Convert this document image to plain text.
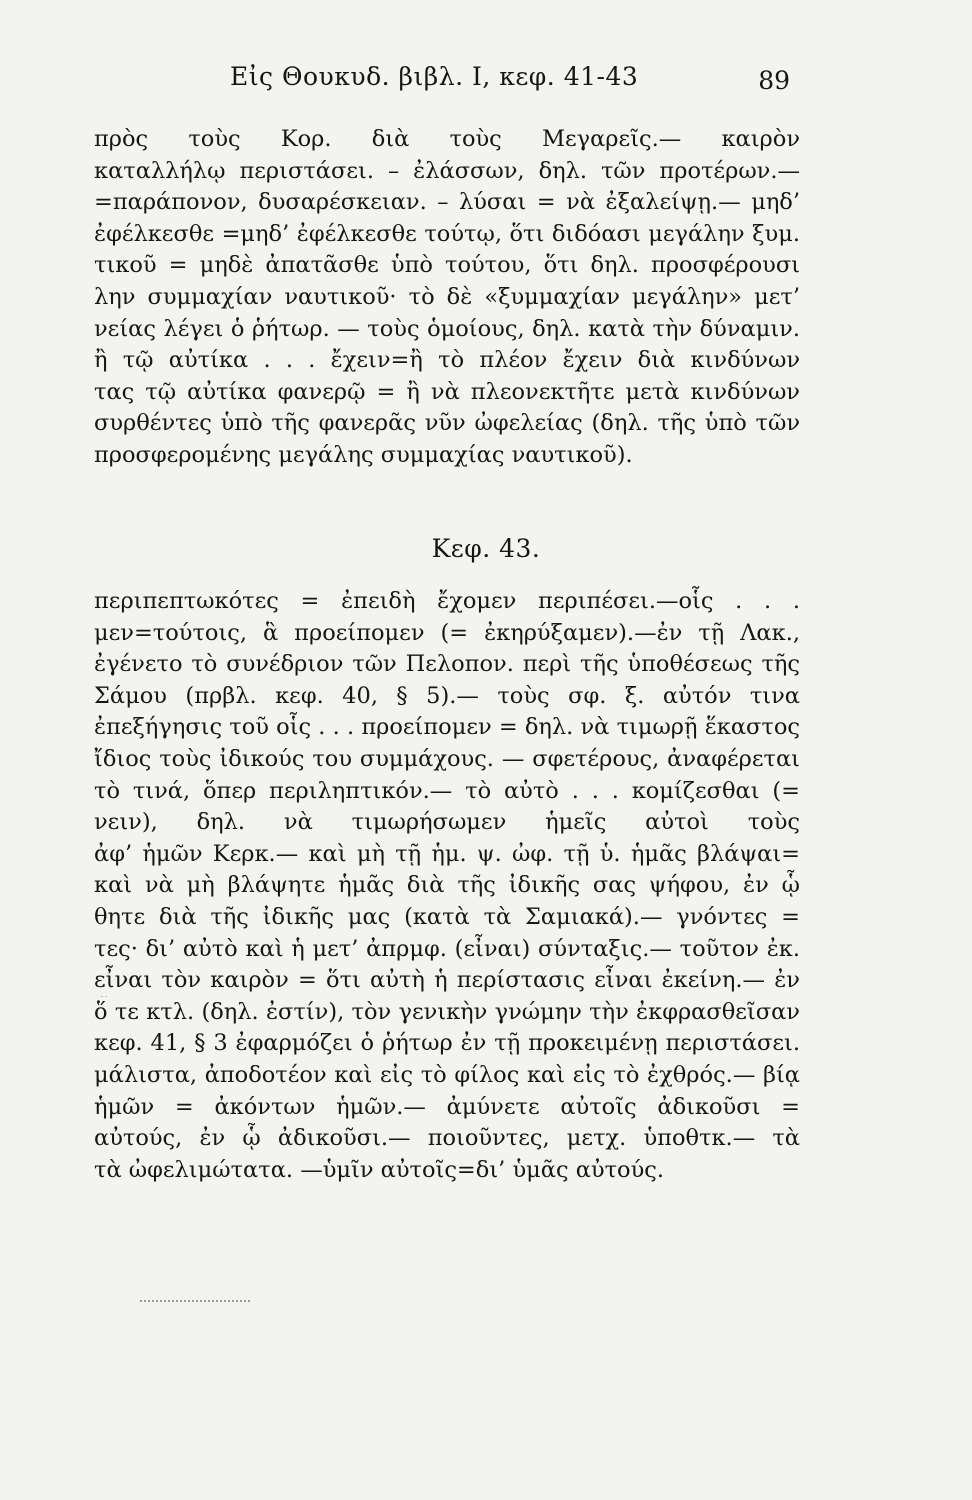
Εἰς Θουκυδ. βιβλ. I, κεφ. 41-43	89
πρὸς τοὺς Κορ. διὰ τοὺς Μεγαρεῖς.— καιρὸν
καταλλήλῳ περιστάσει. – ἐλάσσων, δηλ. τῶν προτέρων.—
=παράπονον, δυσαρέσκειαν. – λύσαι = νὰ ἐξαλείψῃ.— μηδ’
ἐφέλκεσθε =μηδ’ ἐφέλκεσθε τούτῳ, ὅτι διδόασι μεγάλην ξυμ.
τικοῦ = μηδὲ ἀπατᾶσθε ὑπὸ τούτου, ὅτι δηλ. προσφέρουσι
λην συμμαχίαν ναυτικοῦ· τὸ δὲ «ξυμμαχίαν μεγάλην» μετ’
νείας λέγει ὁ ῥήτωρ. — τοὺς ὁμοίους, δηλ. κατὰ τὴν δύναμιν.
ἢ τῷ αὐτίκα . . . ἔχειν=ἢ τὸ πλέον ἔχειν διὰ κινδύνων
τας τῷ αὐτίκα φανερῷ = ἢ νὰ πλεονεκτῆτε μετὰ κινδύνων
συρθέντες ὑπὸ τῆς φανερᾶς νῦν ὠφελείας (δηλ. τῆς ὑπὸ τῶν
προσφερομένης μεγάλης συμμαχίας ναυτικοῦ).
Κεφ. 43.
περιπεπτωκότες = ἐπειδὴ ἔχομεν περιπέσει.—οἷς . . .
μεν=τούτοις, ἃ προείπομεν (= ἐκηρύξαμεν).—ἐν τῇ Λακ.,
ἐγένετο τὸ συνέδριον τῶν Πελοπον. περὶ τῆς ὑποθέσεως τῆς
Σάμου (πρβλ. κεφ. 40, § 5).— τοὺς σφ. ξ. αὐτόν τινα
ἐπεξήγησις τοῦ οἷς . . . προείπομεν = δηλ. νὰ τιμωρῇ ἕκαστος
ἴδιος τοὺς ἰδικούς του συμμάχους. — σφετέρους, ἀναφέρεται
τὸ τινά, ὅπερ περιληπτικόν.— τὸ αὐτὸ . . . κομίζεσθαι (=
νειν), δηλ. νὰ τιμωρήσωμεν ἡμεῖς αὐτοὶ τοὺς
ἀφ’ ἡμῶν Κερκ.— καὶ μὴ τῇ ἡμ. ψ. ὠφ. τῇ ὑ. ἡμᾶς βλάψαι=
καὶ νὰ μὴ βλάψητε ἡμᾶς διὰ τῆς ἰδικῆς σας ψήφου, ἐν ᾧ
θητε διὰ τῆς ἰδικῆς μας (κατὰ τὰ Σαμιακά).— γνόντες =
τες· δι’ αὐτὸ καὶ ἡ μετ’ ἀπρμφ. (εἶναι) σύνταξις.— τοῦτον ἐκ.
εἶναι τὸν καιρὸν = ὅτι αὐτὴ ἡ περίστασις εἶναι ἐκείνη.— ἐν
ὅ τε κτλ. (δηλ. ἐστίν), τὸν γενικὴν γνώμην τὴν ἐκφρασθεῖσαν
κεφ. 41, § 3 ἐφαρμόζει ὁ ῥήτωρ ἐν τῇ προκειμένῃ περιστάσει.
μάλιστα, ἀποδοτέον καὶ εἰς τὸ φίλος καὶ εἰς τὸ ἐχθρός.— βίᾳ
ἡμῶν = ἀκόντων ἡμῶν.— ἀμύνετε αὐτοῖς ἀδικοῦσι =
αὐτούς, ἐν ᾧ ἀδικοῦσι.— ποιοῦντες, μετχ. ὑποθτκ.— τὰ
τὰ ὠφελιμώτατα. —ὑμῖν αὐτοῖς=δι’ ὑμᾶς αὐτούς.
